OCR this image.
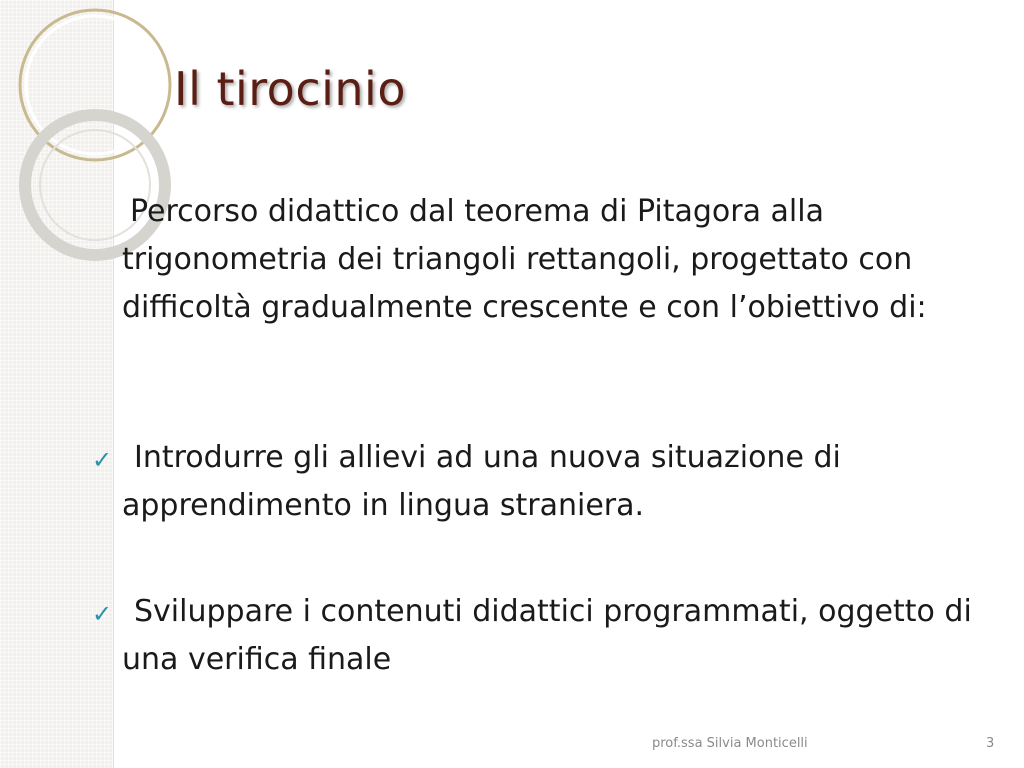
Il tirocinio
Percorso didattico dal teorema di Pitagora alla trigonometria dei triangoli rettangoli, progettato con difficoltà gradualmente crescente e con l’obiettivo di:
✓ Introdurre gli allievi ad una nuova situazione di apprendimento in lingua straniera.
✓ Sviluppare i contenuti didattici programmati, oggetto di una verifica finale
prof.ssa Silvia Monticelli	3
